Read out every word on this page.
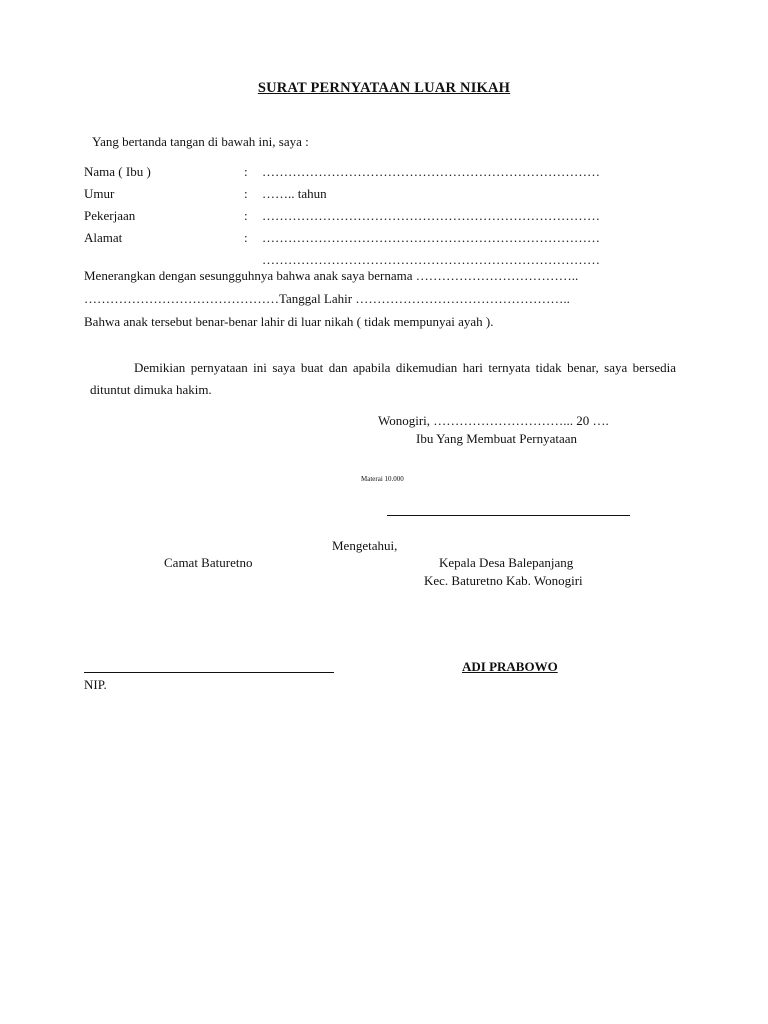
SURAT PERNYATAAN LUAR NIKAH
Yang bertanda tangan di bawah ini, saya :
Nama ( Ibu )	: ……………………………………………………………………
Umur	: …….. tahun
Pekerjaan	: ……………………………………………………………………
Alamat	: ……………………………………………………………………
……………………………………………………………………
Menerangkan dengan sesungguhnya bahwa anak saya bernama ………………………………..
………………………………………Tanggal Lahir …………………………………………..
Bahwa anak tersebut benar-benar lahir di luar nikah ( tidak mempunyai ayah ).
Demikian pernyataan ini saya buat dan apabila dikemudian hari ternyata tidak benar, saya bersedia dituntut dimuka hakim.
Wonogiri, …………………………... 20 ….
Ibu Yang Membuat Pernyataan
Materai 10.000
Mengetahui,
Camat Baturetno	Kepala Desa Balepanjang
Kec. Baturetno Kab. Wonogiri
ADI PRABOWO
NIP.
